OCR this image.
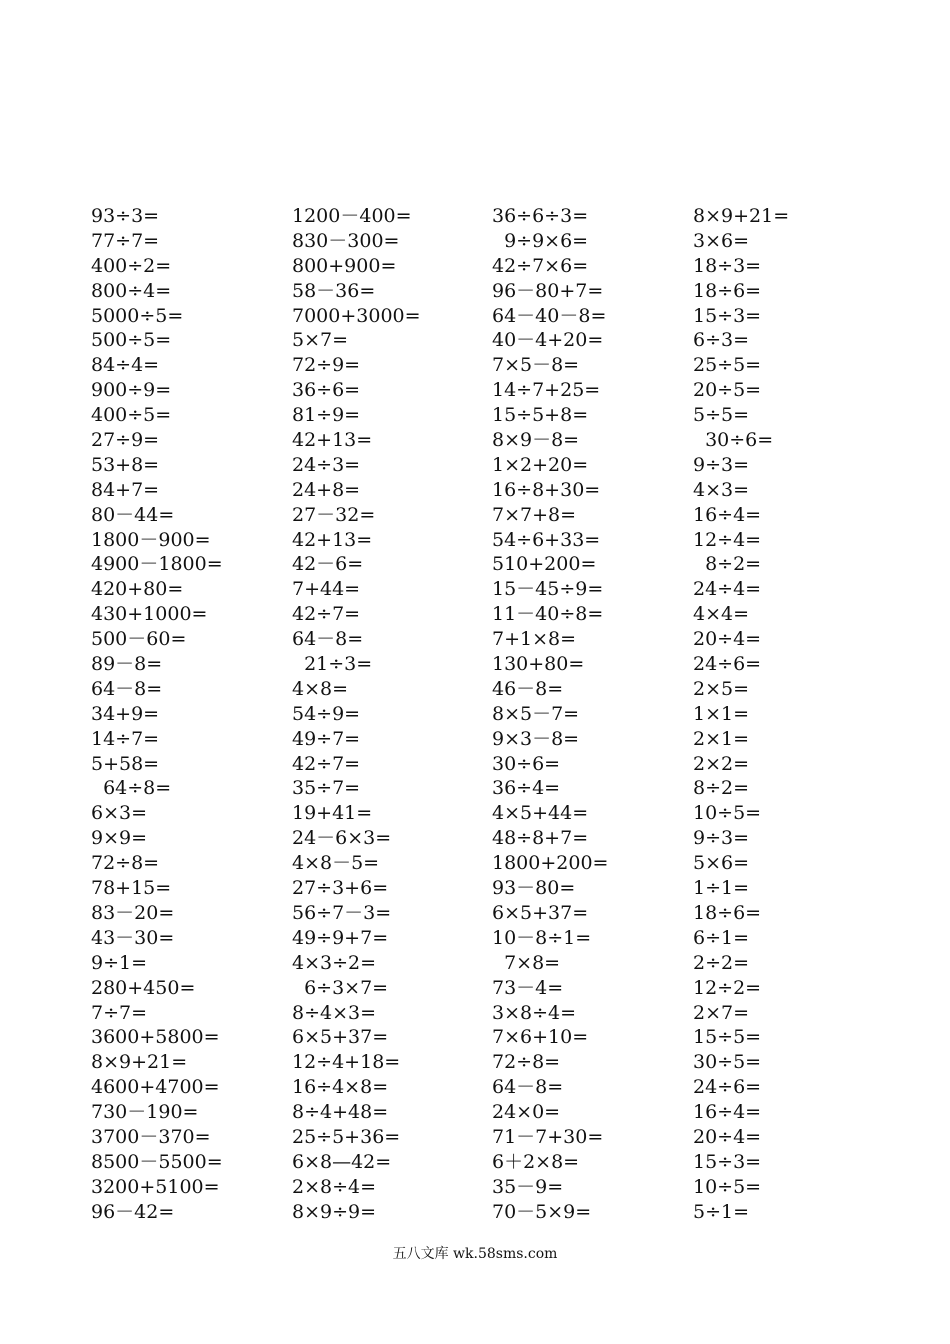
93÷3=
77÷7=
400÷2=
800÷4=
5000÷5=
500÷5=
84÷4=
900÷9=
400÷5=
27÷9=
53+8=
84+7=
80－44=
1800－900=
4900－1800=
420+80=
430+1000=
500－60=
89－8=
64－8=
34+9=
14÷7=
5+58=
64÷8=
6×3=
9×9=
72÷8=
78+15=
83－20=
43－30=
9÷1=
280+450=
7÷7=
3600+5800=
8×9+21=
4600+4700=
730－190=
3700－370=
8500－5500=
3200+5100=
96－42=
1200－400=
830－300=
800+900=
58－36=
7000+3000=
5×7=
72÷9=
36÷6=
81÷9=
42+13=
24÷3=
24+8=
27－32=
42+13=
42－6=
7+44=
42÷7=
64－8=
21÷3=
4×8=
54÷9=
49÷7=
42÷7=
35÷7=
19+41=
24－6×3=
4×8－5=
27÷3+6=
56÷7－3=
49÷9+7=
4×3÷2=
6÷3×7=
8÷4×3=
6×5+37=
12÷4+18=
16÷4×8=
8÷4+48=
25÷5+36=
6×8—42=
2×8÷4=
8×9÷9=
36÷6÷3=
9÷9×6=
42÷7×6=
96－80+7=
64－40－8=
40－4+20=
7×5－8=
14÷7+25=
15÷5+8=
8×9－8=
1×2+20=
16÷8+30=
7×7+8=
54÷6+33=
510+200=
15－45÷9=
11－40÷8=
7+1×8=
130+80=
46－8=
8×5－7=
9×3－8=
30÷6=
36÷4=
4×5+44=
48÷8+7=
1800+200=
93－80=
6×5+37=
10－8÷1=
7×8=
73－4=
3×8÷4=
7×6+10=
72÷8=
64－8=
24×0=
71－7+30=
6＋2×8=
35－9=
70－5×9=
8×9+21=
3×6=
18÷3=
18÷6=
15÷3=
6÷3=
25÷5=
20÷5=
5÷5=
30÷6=
9÷3=
4×3=
16÷4=
12÷4=
8÷2=
24÷4=
4×4=
20÷4=
24÷6=
2×5=
1×1=
2×1=
2×2=
8÷2=
10÷5=
9÷3=
5×6=
1÷1=
18÷6=
6÷1=
2÷2=
12÷2=
2×7=
15÷5=
30÷5=
24÷6=
16÷4=
20÷4=
15÷3=
10÷5=
5÷1=
五八文库 wk.58sms.com
